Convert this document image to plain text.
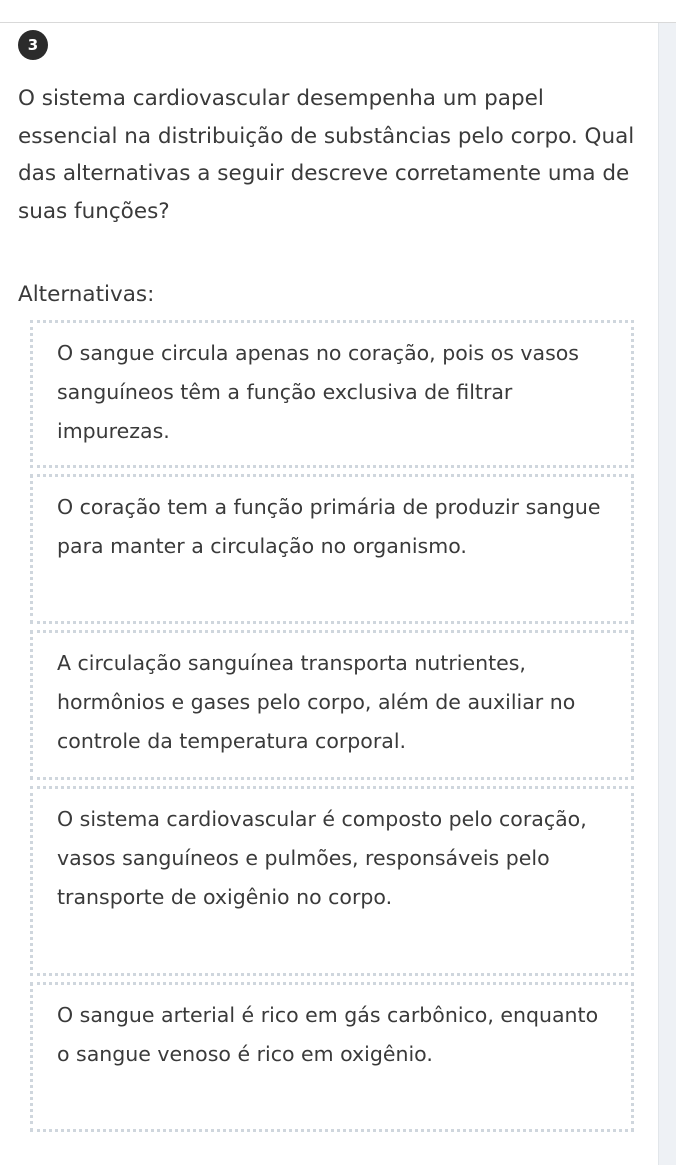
3

O sistema cardiovascular desempenha um papel essencial na distribuição de substâncias pelo corpo. Qual das alternativas a seguir descreve corretamente uma de suas funções?

Alternativas:

O sangue circula apenas no coração, pois os vasos sanguíneos têm a função exclusiva de filtrar impurezas.
O coração tem a função primária de produzir sangue para manter a circulação no organismo.
A circulação sanguínea transporta nutrientes, hormônios e gases pelo corpo, além de auxiliar no controle da temperatura corporal.
O sistema cardiovascular é composto pelo coração, vasos sanguíneos e pulmões, responsáveis pelo transporte de oxigênio no corpo.
O sangue arterial é rico em gás carbônico, enquanto o sangue venoso é rico em oxigênio.
